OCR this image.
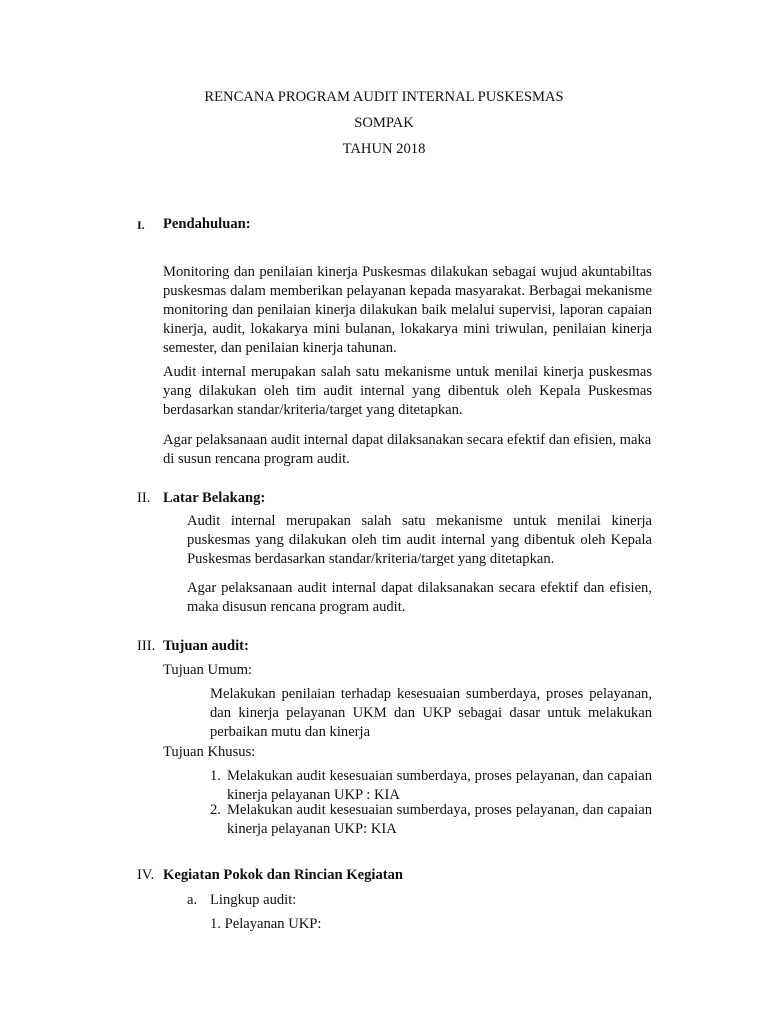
RENCANA PROGRAM AUDIT INTERNAL PUSKESMAS
SOMPAK
TAHUN 2018
I. Pendahuluan:

Monitoring dan penilaian kinerja Puskesmas dilakukan sebagai wujud akuntabiltas puskesmas dalam memberikan pelayanan kepada masyarakat. Berbagai mekanisme monitoring dan penilaian kinerja dilakukan baik melalui supervisi, laporan capaian kinerja, audit, lokakarya mini bulanan, lokakarya mini triwulan, penilaian kinerja semester, dan penilaian kinerja tahunan.

Audit internal merupakan salah satu mekanisme untuk menilai kinerja puskesmas yang dilakukan oleh tim audit internal yang dibentuk oleh Kepala Puskesmas berdasarkan standar/kriteria/target yang ditetapkan.

Agar pelaksanaan audit internal dapat dilaksanakan secara efektif dan efisien, maka di susun rencana program audit.

II. Latar Belakang:

Audit internal merupakan salah satu mekanisme untuk menilai kinerja puskesmas yang dilakukan oleh tim audit internal yang dibentuk oleh Kepala Puskesmas berdasarkan standar/kriteria/target yang ditetapkan.

Agar pelaksanaan audit internal dapat dilaksanakan secara efektif dan efisien, maka disusun rencana program audit.

III. Tujuan audit:
Tujuan Umum:

Melakukan penilaian terhadap kesesuaian sumberdaya, proses pelayanan, dan kinerja pelayanan UKM dan UKP sebagai dasar untuk melakukan perbaikan mutu dan kinerja

Tujuan Khusus:
1. Melakukan audit kesesuaian sumberdaya, proses pelayanan, dan capaian kinerja pelayanan UKP : KIA

2. Melakukan audit kesesuaian sumberdaya, proses pelayanan, dan capaian kinerja pelayanan UKP: KIA

IV. Kegiatan Pokok dan Rincian Kegiatan
a. Lingkup audit:
1. Pelayanan UKP:
